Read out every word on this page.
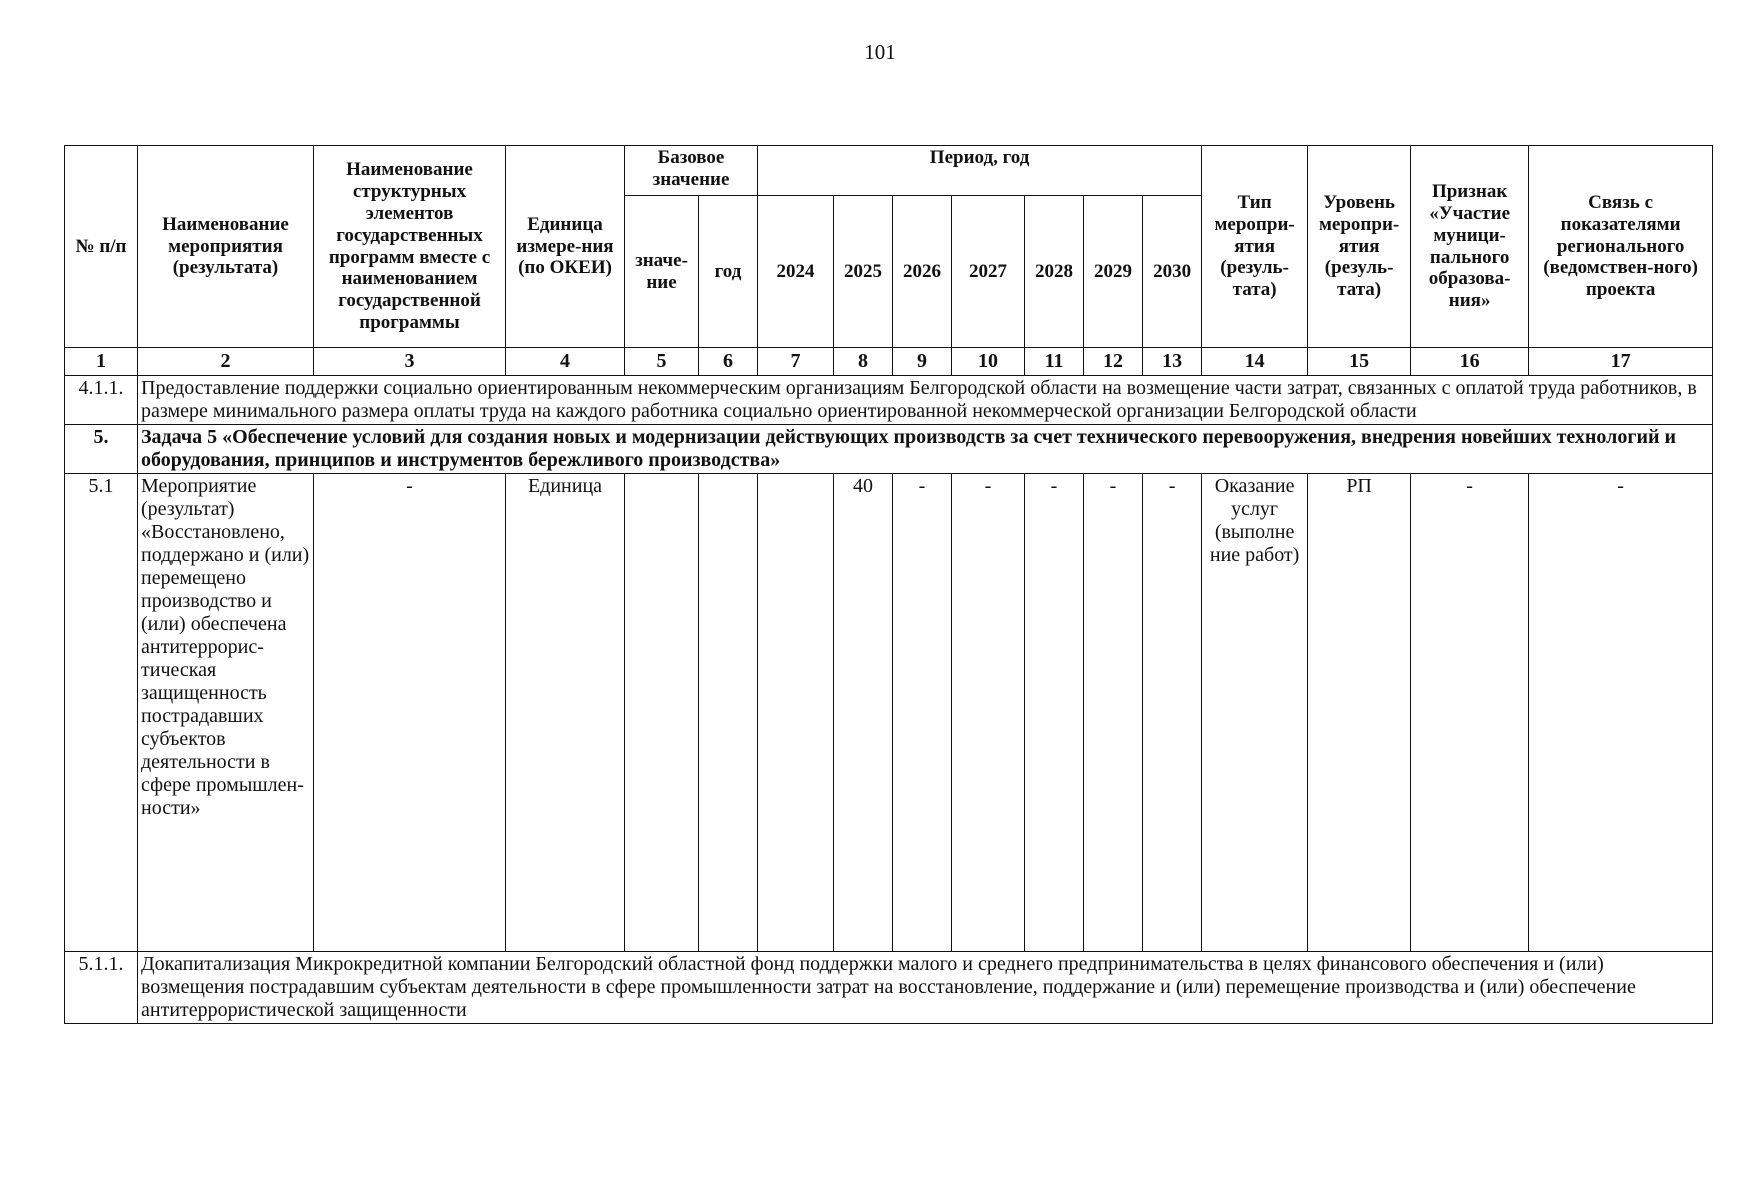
101
№ п/п	Наименование мероприятия (результата)	Наименование структурных элементов государственных программ вместе с наименованием государственной программы	Единица измере-ния (по ОКЕИ)	Базовое значение		Период, год							Тип меропри-ятия (резуль-тата)	Уровень меропри-ятия (резуль-тата)	Признак «Участие муници-пального образова-ния»	Связь с показателями регионального (ведомствен-ного) проекта
				значе-ние	год	2024	2025	2026	2027	2028	2029	2030				
1	2	3	4	5	6	7	8	9	10	11	12	13	14	15	16	17
4.1.1.	Предоставление поддержки социально ориентированным некоммерческим организациям Белгородской области на возмещение части затрат, связанных с оплатой труда работников, в размере минимального размера оплаты труда на каждого работника социально ориентированной некоммерческой организации Белгородской области															
5.	Задача 5 «Обеспечение условий для создания новых и модернизации действующих производств за счет технического перевооружения, внедрения новейших технологий и оборудования, принципов и инструментов бережливого производства»															
5.1	Мероприятие (результат) «Восстановлено, поддержано и (или) перемещено производство и (или) обеспечена антитеррорис-тическая защищенность пострадавших субъектов деятельности в сфере промышлен-ности»	-	Единица				40	-	-	-	-	-	Оказание услуг (выполне ние работ)	РП	-	-
5.1.1.	Докапитализация Микрокредитной компании Белгородский областной фонд поддержки малого и среднего предпринимательства в целях финансового обеспечения и (или) возмещения пострадавшим субъектам деятельности в сфере промышленности затрат на восстановление, поддержание и (или) перемещение производства и (или) обеспечение антитеррористической защищенности															
